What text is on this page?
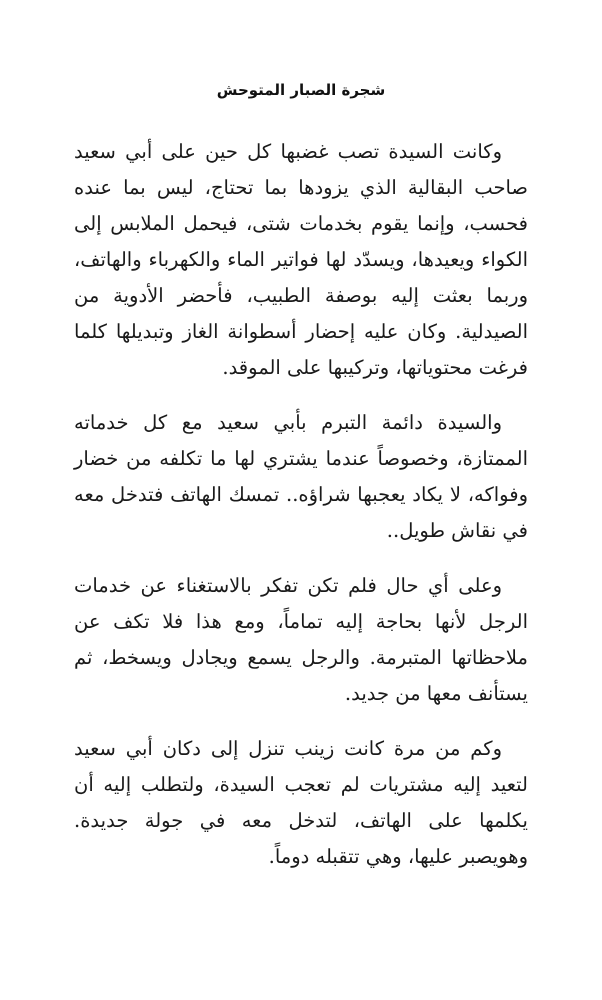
شجرة الصبار المتوحش

وكانت السيدة تصب غضبها كل حين على أبي سعيد صاحب البقالية الذي يزودها بما تحتاج، ليس بما عنده فحسب، وإنما يقوم بخدمات شتى، فيحمل الملابس إلى الكواء ويعيدها، ويسدّد لها فواتير الماء والكهرباء والهاتف، وربما بعثت إليه بوصفة الطبيب، فأحضر الأدوية من الصيدلية. وكان عليه إحضار أسطوانة الغاز وتبديلها كلما فرغت محتوياتها، وتركيبها على الموقد.

والسيدة دائمة التبرم بأبي سعيد مع كل خدماته الممتازة، وخصوصاً عندما يشتري لها ما تكلفه من خضار وفواكه، لا يكاد يعجبها شراؤه.. تمسك الهاتف فتدخل معه في نقاش طويل..

وعلى أي حال فلم تكن تفكر بالاستغناء عن خدمات الرجل لأنها بحاجة إليه تماماً، ومع هذا فلا تكف عن ملاحظاتها المتبرمة. والرجل يسمع ويجادل ويسخط، ثم يستأنف معها من جديد.

وكم من مرة كانت زينب تنزل إلى دكان أبي سعيد لتعيد إليه مشتريات لم تعجب السيدة، ولتطلب إليه أن يكلمها على الهاتف، لتدخل معه في جولة جديدة. وهويصبر عليها، وهي تتقبله دوماً.
